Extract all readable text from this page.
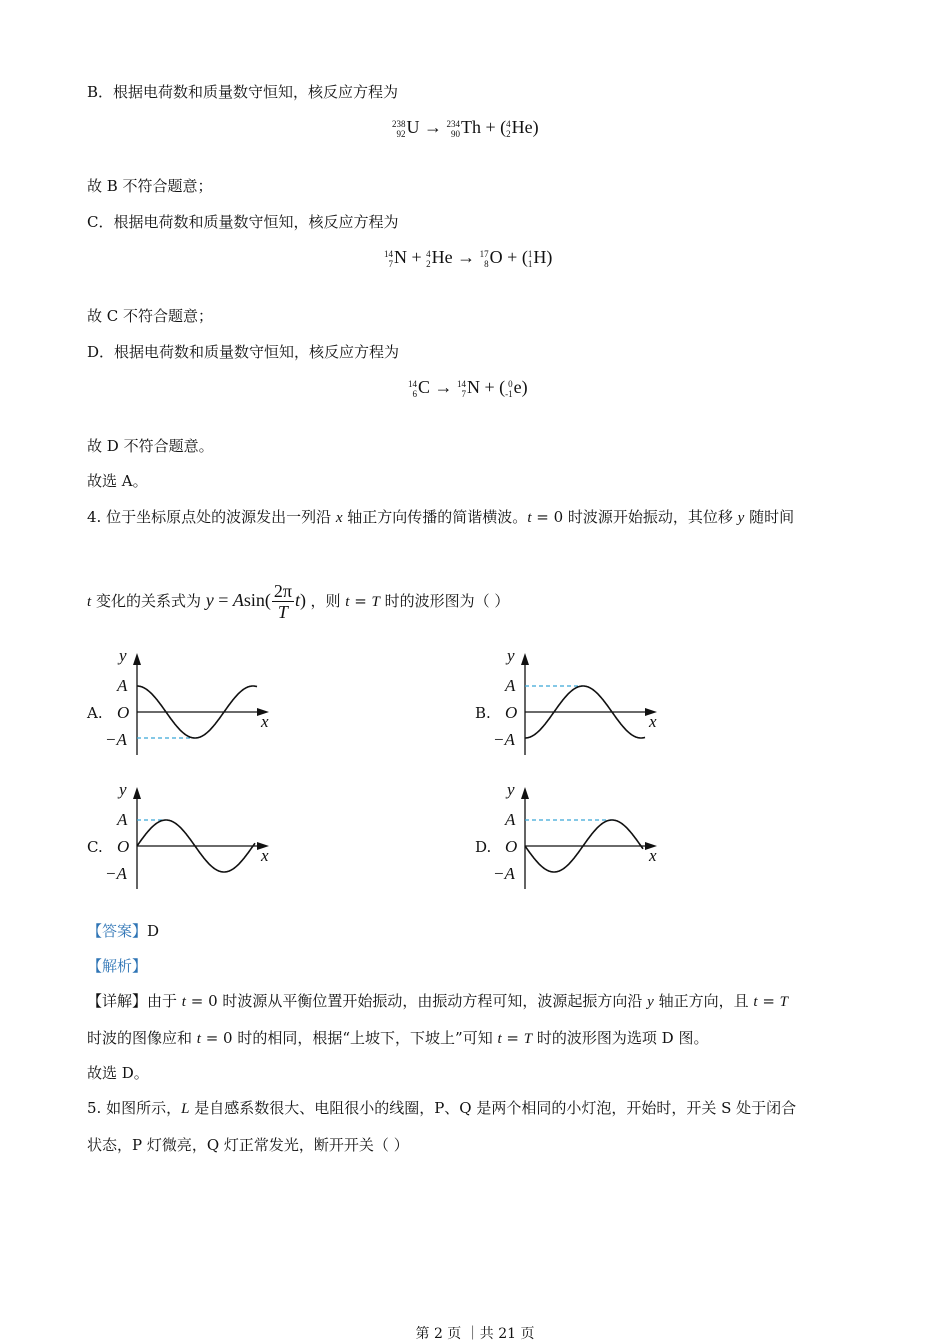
B．根据电荷数和质量数守恒知，核反应方程为
238
92 U → 234
90 Th + ( 4
2 He)
故 B 不符合题意；
C．根据电荷数和质量数守恒知，核反应方程为
14
7 N + 4
2 He → 17
8 O + ( 1
1 H)
故 C 不符合题意；
D．根据电荷数和质量数守恒知，核反应方程为
14
6 C → 14
7 N + ( 0
-1 e)
故 D 不符合题意。
故选 A。
4. 位于坐标原点处的波源发出一列沿 x 轴正方向传播的简谐横波。t = 0 时波源开始振动，其位移 y 随时间
t 变化的关系式为 $y = Asin( \frac{2\pi}{T} t)$ ，则 t = T 时的波形图为（ ）
A.	B.
C.	D.
y
x
A
O
−A
y
x
A
O
−A
y
x
A
O
−A
y
x
A
O
−A
【答案】D
【解析】
【详解】由于 t = 0 时波源从平衡位置开始振动，由振动方程可知，波源起振方向沿 y 轴正方向，且 t = T
时波的图像应和 t = 0 时的相同，根据“上坡下，下坡上”可知 t = T 时的波形图为选项 D 图。
故选 D。
5. 如图所示，L 是自感系数很大、电阻很小的线圈，P、Q 是两个相同的小灯泡，开始时，开关 S 处于闭合
状态，P 灯微亮，Q 灯正常发光，断开开关（ ）
第 2 页 ｜共 21 页
